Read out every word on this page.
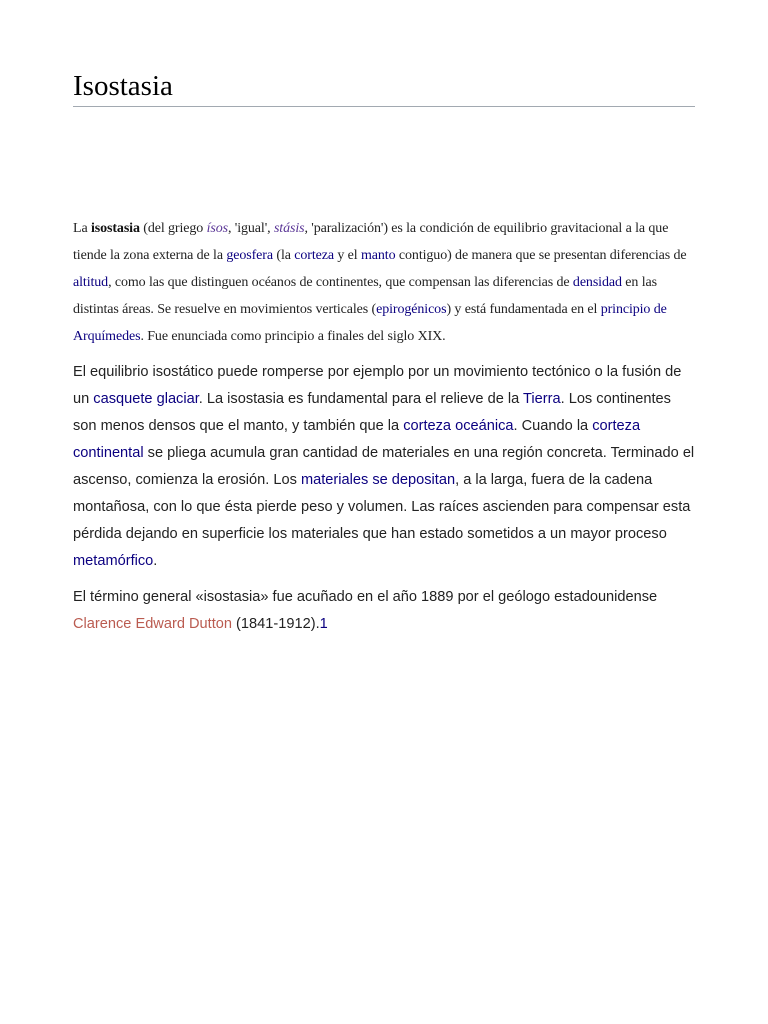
Isostasia

La isostasia (del griego ísos, 'igual', stásis, 'paralización') es la condición de equilibrio gravitacional a la que tiende la zona externa de la geosfera (la corteza y el manto contiguo) de manera que se presentan diferencias de altitud, como las que distinguen océanos de continentes, que compensan las diferencias de densidad en las distintas áreas. Se resuelve en movimientos verticales (epirogénicos) y está fundamentada en el principio de Arquímedes. Fue enunciada como principio a finales del siglo XIX.

El equilibrio isostático puede romperse por ejemplo por un movimiento tectónico o la fusión de un casquete glaciar. La isostasia es fundamental para el relieve de la Tierra. Los continentes son menos densos que el manto, y también que la corteza oceánica. Cuando la corteza continental se pliega acumula gran cantidad de materiales en una región concreta. Terminado el ascenso, comienza la erosión. Los materiales se depositan, a la larga, fuera de la cadena montañosa, con lo que ésta pierde peso y volumen. Las raíces ascienden para compensar esta pérdida dejando en superficie los materiales que han estado sometidos a un mayor proceso metamórfico.

El término general «isostasia» fue acuñado en el año 1889 por el geólogo estadounidense Clarence Edward Dutton (1841-1912).1
